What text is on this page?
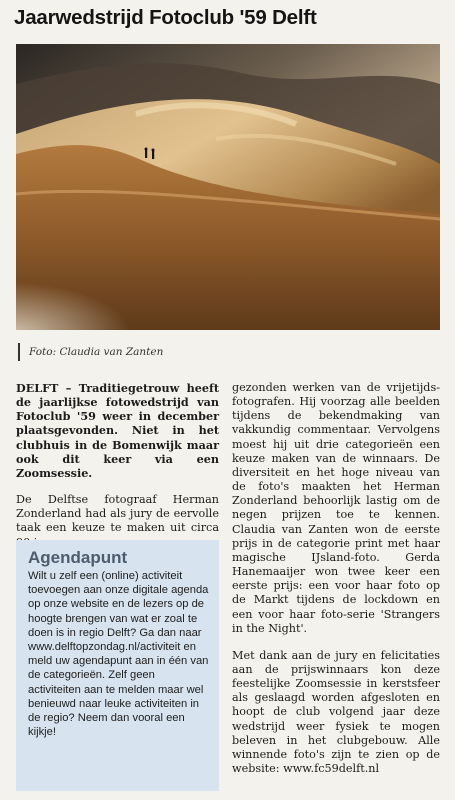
Jaarwedstrijd Fotoclub '59 Delft
Foto: Claudia van Zanten

DELFT – Traditiegetrouw heeft de jaarlijkse fotowedstrijd van Fotoclub '59 weer in december plaatsgevonden. Niet in het clubhuis in de Bomenwijk maar ook dit keer via een Zoomsessie.

De Delftse fotograaf Herman Zonderland had als jury de eervolle taak een keuze te maken uit circa

gezonden werken van de vrijetijds-fotografen. Hij voorzag alle beelden tijdens de bekendmaking van vakkundig commentaar. Vervolgens moest hij uit drie categorieën een keuze maken van de winnaars. De diversiteit en het hoge niveau van de foto's maakten het Herman Zonderland behoorlijk lastig om de negen prijzen toe te kennen. Claudia van Zanten won de eerste prijs in de categorie print met haar magische IJsland-foto. Gerda Hanemaaijer won twee keer een eerste prijs: een voor haar foto op de Markt tijdens de lockdown en een voor haar foto-serie 'Strangers in the Night'.

Met dank aan de jury en felicitaties aan de prijswinnaars kon deze feestelijke Zoomsessie in kerstsfeer als geslaagd worden afgesloten en hoopt de club volgend jaar deze wedstrijd weer fysiek te mogen beleven in het clubgebouw. Alle winnende foto's zijn te zien op de website: www.fc59delft.nl

Agendapunt
Wilt u zelf een (online) activiteit toevoegen aan onze digitale agenda op onze website en de lezers op de hoogte brengen van wat er zoal te doen is in regio Delft? Ga dan naar www.delftopzondag.nl/activiteit en meld uw agendapunt aan in één van de categorieën. Zelf geen activiteiten aan te melden maar wel benieuwd naar leuke activiteiten in de regio? Neem dan vooral een kijkje!
